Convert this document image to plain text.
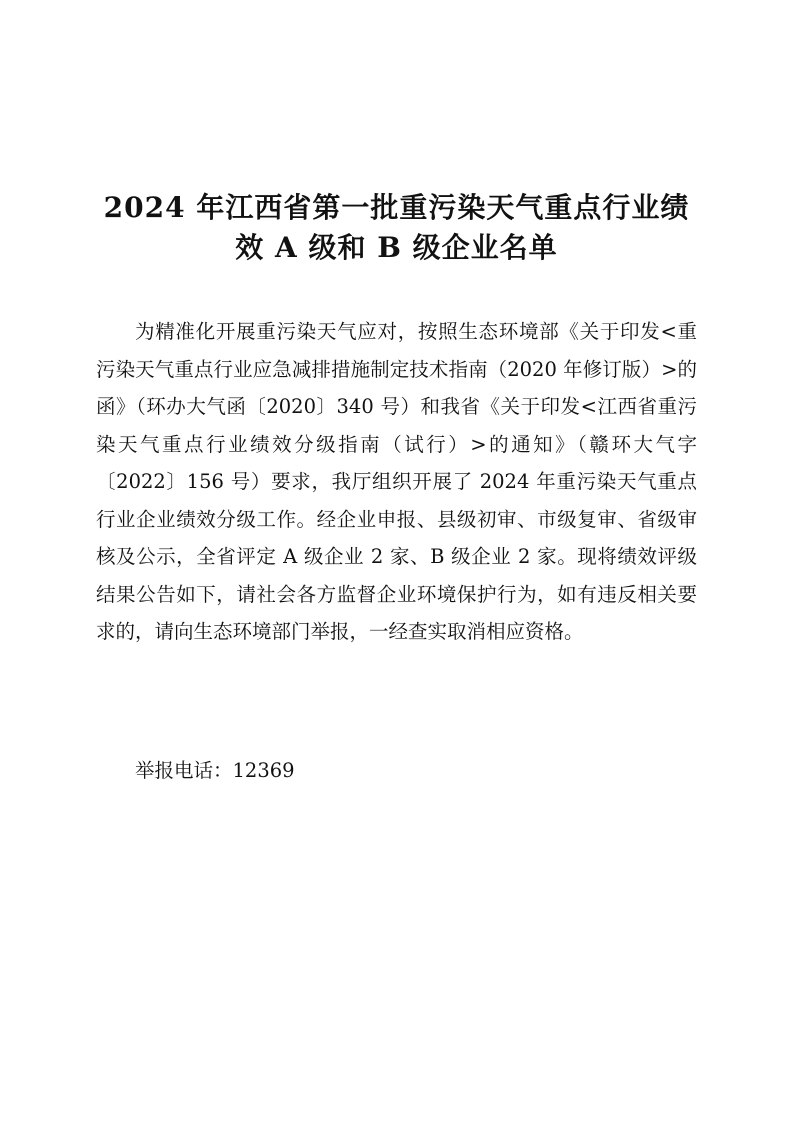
2024 年江西省第一批重污染天气重点行业绩
效 A 级和 B 级企业名单

为精准化开展重污染天气应对，按照生态环境部《关于印发<重污染天气重点行业应急减排措施制定技术指南（2020 年修订版）>的函》（环办大气函〔2020〕340 号）和我省《关于印发<江西省重污染天气重点行业绩效分级指南（试行）>的通知》（赣环大气字〔2022〕156 号）要求，我厅组织开展了 2024 年重污染天气重点行业企业绩效分级工作。经企业申报、县级初审、市级复审、省级审核及公示，全省评定 A 级企业 2 家、B 级企业 2 家。现将绩效评级结果公告如下，请社会各方监督企业环境保护行为，如有违反相关要求的，请向生态环境部门举报，一经查实取消相应资格。

举报电话：12369
